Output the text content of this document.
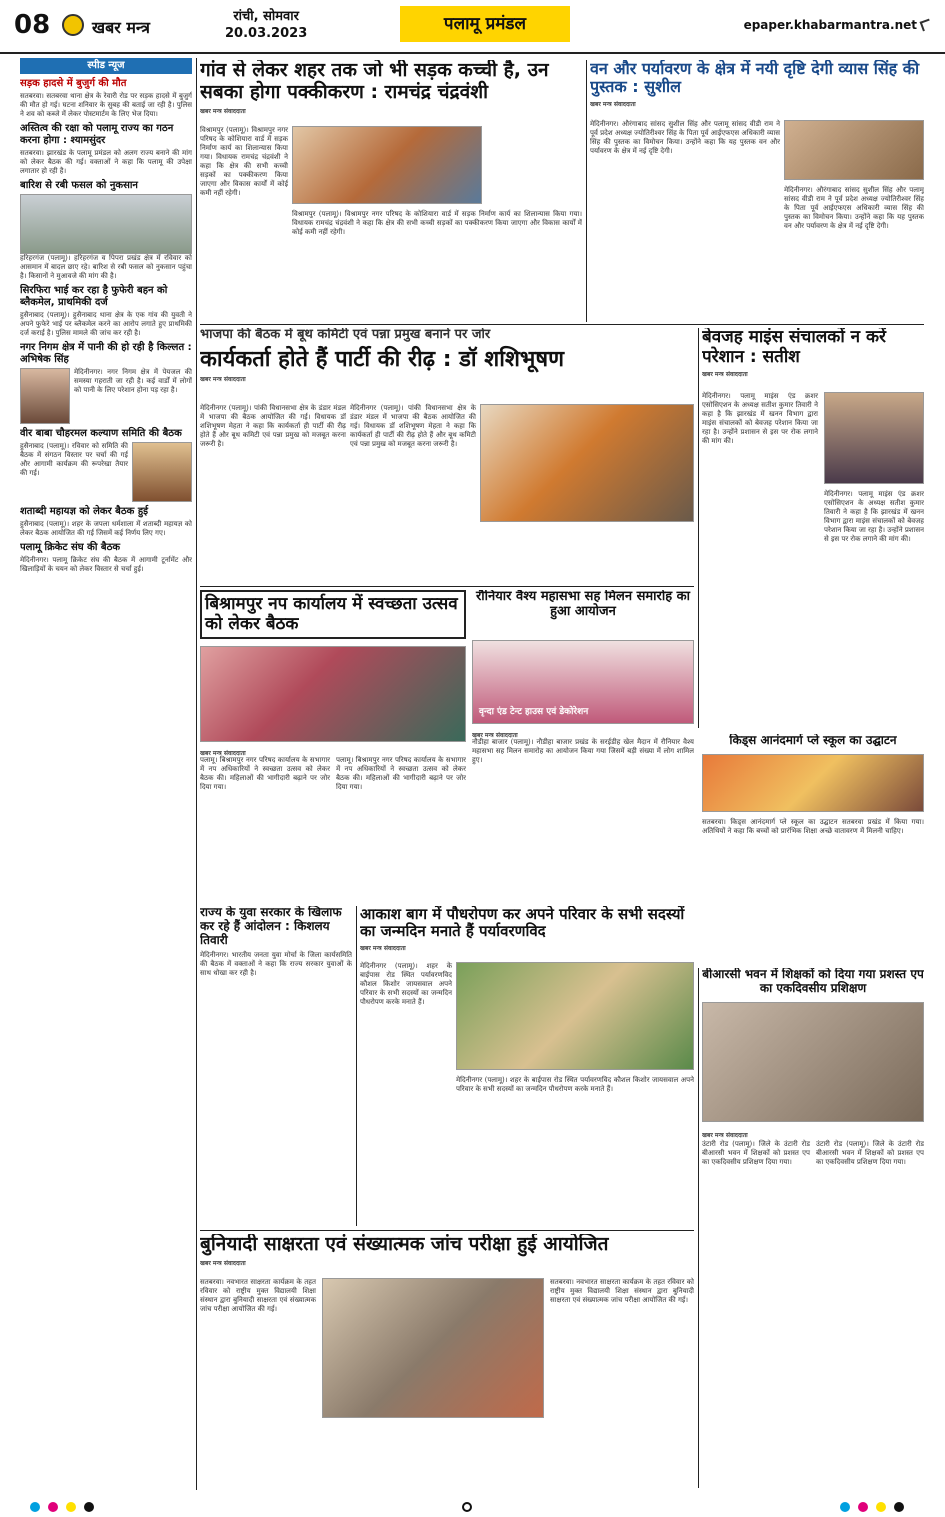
08	खबर मन्त्र
रांची, सोमवार
20.03.2023	पलामू प्रमंडल	epaper.khabarmantra.net
स्पीड न्यूज
सड़क हादसे में बुजुर्ग की मौत
सतबरवा। सतबरवा थाना क्षेत्र के रेवारी रोड पर सड़क हादसे में बुजुर्ग की मौत हो गई। घटना शनिवार के सुबह की बताई जा रही है। पुलिस ने शव को कब्जे में लेकर पोस्टमार्टम के लिए भेज दिया।
अस्तित्व की रक्षा को पलामू राज्य का गठन करना होगा : श्यामसुंदर
सतबरवा। झारखंड के पलामू प्रमंडल को अलग राज्य बनाने की मांग को लेकर बैठक की गई। वक्ताओं ने कहा कि पलामू की उपेक्षा लगातार हो रही है।
बारिश से रबी फसल को नुकसान
हरिहरगंज (पलामू)। हरिहरगंज व पिपरा प्रखंड क्षेत्र में रविवार को आसमान में बादल छाए रहे। बारिश से रबी फसल को नुकसान पहुंचा है। किसानों ने मुआवजे की मांग की है।
सिरफिरा भाई कर रहा है फुफेरी बहन को ब्लैकमेल, प्राथमिकी दर्ज
हुसैनाबाद (पलामू)। हुसैनाबाद थाना क्षेत्र के एक गांव की युवती ने अपने फुफेरे भाई पर ब्लैकमेल करने का आरोप लगाते हुए प्राथमिकी दर्ज कराई है। पुलिस मामले की जांच कर रही है।
नगर निगम क्षेत्र में पानी की हो रही है किल्लत : अभिषेक सिंह
मेदिनीनगर। नगर निगम क्षेत्र में पेयजल की समस्या गहराती जा रही है। कई वार्डों में लोगों को पानी के लिए परेशान होना पड़ रहा है।
वीर बाबा चौहरमल कल्याण समिति की बैठक
हुसैनाबाद (पलामू)। रविवार को समिति की बैठक में संगठन विस्तार पर चर्चा की गई और आगामी कार्यक्रम की रूपरेखा तैयार की गई।
शताब्दी महायज्ञ को लेकर बैठक हुई
हुसैनाबाद (पलामू)। शहर के जपला धर्मशाला में शताब्दी महायज्ञ को लेकर बैठक आयोजित की गई जिसमें कई निर्णय लिए गए।
पलामू क्रिकेट संघ की बैठक
मेदिनीनगर। पलामू क्रिकेट संघ की बैठक में आगामी टूर्नामेंट और खिलाड़ियों के चयन को लेकर विस्तार से चर्चा हुई।
गांव से लेकर शहर तक जो भी सड़क कच्ची है, उन सबका होगा पक्कीकरण : रामचंद्र चंद्रवंशी
खबर मन्त्र संवाददाता
विश्रामपुर (पलामू)। विश्रामपुर नगर परिषद के कोशियारा वार्ड में सड़क निर्माण कार्य का शिलान्यास किया गया। विधायक रामचंद्र चंद्रवंशी ने कहा कि क्षेत्र की सभी कच्ची सड़कों का पक्कीकरण किया जाएगा और विकास कार्यों में कोई कमी नहीं रहेगी।
विश्रामपुर (पलामू)। विश्रामपुर नगर परिषद के कोशियारा वार्ड में सड़क निर्माण कार्य का शिलान्यास किया गया। विधायक रामचंद्र चंद्रवंशी ने कहा कि क्षेत्र की सभी कच्ची सड़कों का पक्कीकरण किया जाएगा और विकास कार्यों में कोई कमी नहीं रहेगी।
वन और पर्यावरण के क्षेत्र में नयी दृष्टि देगी व्यास सिंह की पुस्तक : सुशील
खबर मन्त्र संवाददाता
मेदिनीनगर। औरंगाबाद सांसद सुशील सिंह और पलामू सांसद वीडी राम ने पूर्व प्रदेश अध्यक्ष ज्योतिरीश्वर सिंह के पिता पूर्व आईएफएस अधिकारी व्यास सिंह की पुस्तक का विमोचन किया। उन्होंने कहा कि यह पुस्तक वन और पर्यावरण के क्षेत्र में नई दृष्टि देगी।
मेदिनीनगर। औरंगाबाद सांसद सुशील सिंह और पलामू सांसद वीडी राम ने पूर्व प्रदेश अध्यक्ष ज्योतिरीश्वर सिंह के पिता पूर्व आईएफएस अधिकारी व्यास सिंह की पुस्तक का विमोचन किया। उन्होंने कहा कि यह पुस्तक वन और पर्यावरण के क्षेत्र में नई दृष्टि देगी।
भाजपा की बैठक में बूथ कमिटी एवं पन्ना प्रमुख बनाने पर जोर
कार्यकर्ता होते हैं पार्टी की रीढ़ : डॉ शशिभूषण
खबर मन्त्र संवाददाता
मेदिनीनगर (पलामू)। पांकी विधानसभा क्षेत्र के डंडार मंडल में भाजपा की बैठक आयोजित की गई। विधायक डॉ शशिभूषण मेहता ने कहा कि कार्यकर्ता ही पार्टी की रीढ़ होते हैं और बूथ कमिटी एवं पन्ना प्रमुख को मजबूत करना जरूरी है।
मेदिनीनगर (पलामू)। पांकी विधानसभा क्षेत्र के डंडार मंडल में भाजपा की बैठक आयोजित की गई। विधायक डॉ शशिभूषण मेहता ने कहा कि कार्यकर्ता ही पार्टी की रीढ़ होते हैं और बूथ कमिटी एवं पन्ना प्रमुख को मजबूत करना जरूरी है।
बेवजह माइंस संचालकों न करें परेशान : सतीश
खबर मन्त्र संवाददाता
मेदिनीनगर। पलामू माइंस एंड क्रशर एसोसिएशन के अध्यक्ष सतीश कुमार तिवारी ने कहा है कि झारखंड में खनन विभाग द्वारा माइंस संचालकों को बेवजह परेशान किया जा रहा है। उन्होंने प्रशासन से इस पर रोक लगाने की मांग की।
मेदिनीनगर। पलामू माइंस एंड क्रशर एसोसिएशन के अध्यक्ष सतीश कुमार तिवारी ने कहा है कि झारखंड में खनन विभाग द्वारा माइंस संचालकों को बेवजह परेशान किया जा रहा है। उन्होंने प्रशासन से इस पर रोक लगाने की मांग की।
बिश्रामपुर नप कार्यालय में स्वच्छता उत्सव को लेकर बैठक
खबर मन्त्र संवाददाता
पलामू। बिश्रामपुर नगर परिषद कार्यालय के सभागार में नप अधिकारियों ने स्वच्छता उत्सव को लेकर बैठक की। महिलाओं की भागीदारी बढ़ाने पर जोर दिया गया।
पलामू। बिश्रामपुर नगर परिषद कार्यालय के सभागार में नप अधिकारियों ने स्वच्छता उत्सव को लेकर बैठक की। महिलाओं की भागीदारी बढ़ाने पर जोर दिया गया।
रौनियार वैश्य महासभा सह मिलन समारोह का हुआ आयोजन
वृन्दा एंड टेन्ट हाउस एवं डेकोरेशन
खबर मन्त्र संवाददाता
नौडीहा बाजार (पलामू)। नौडीहा बाजार प्रखंड के सरईडीह खेल मैदान में रौनियार वैश्य महासभा सह मिलन समारोह का आयोजन किया गया जिसमें बड़ी संख्या में लोग शामिल हुए।
किड्स आनंदमार्ग प्ले स्कूल का उद्घाटन
सतबरवा। किड्स आनंदमार्ग प्ले स्कूल का उद्घाटन सतबरवा प्रखंड में किया गया। अतिथियों ने कहा कि बच्चों को प्रारंभिक शिक्षा अच्छे वातावरण में मिलनी चाहिए।
राज्य के युवा सरकार के खिलाफ कर रहे हैं आंदोलन : किशलय तिवारी
मेदिनीनगर। भारतीय जनता युवा मोर्चा के जिला कार्यसमिति की बैठक में वक्ताओं ने कहा कि राज्य सरकार युवाओं के साथ धोखा कर रही है।
आकाश बाग में पौधरोपण कर अपने परिवार के सभी सदस्यों का जन्मदिन मनाते हैं पर्यावरणविद
खबर मन्त्र संवाददाता
मेदिनीनगर (पलामू)। शहर के बाईपास रोड स्थित पर्यावरणविद कौशल किशोर जायसवाल अपने परिवार के सभी सदस्यों का जन्मदिन पौधरोपण करके मनाते हैं।
मेदिनीनगर (पलामू)। शहर के बाईपास रोड स्थित पर्यावरणविद कौशल किशोर जायसवाल अपने परिवार के सभी सदस्यों का जन्मदिन पौधरोपण करके मनाते हैं।
बीआरसी भवन में शिक्षकों को दिया गया प्रशस्त एप का एकदिवसीय प्रशिक्षण
खबर मन्त्र संवाददाता
उंटारी रोड (पलामू)। जिले के उंटारी रोड बीआरसी भवन में शिक्षकों को प्रशस्त एप का एकदिवसीय प्रशिक्षण दिया गया।
उंटारी रोड (पलामू)। जिले के उंटारी रोड बीआरसी भवन में शिक्षकों को प्रशस्त एप का एकदिवसीय प्रशिक्षण दिया गया।
बुनियादी साक्षरता एवं संख्यात्मक जांच परीक्षा हुई आयोजित
खबर मन्त्र संवाददाता
सतबरवा। नवभारत साक्षरता कार्यक्रम के तहत रविवार को राष्ट्रीय मुक्त विद्यालयी शिक्षा संस्थान द्वारा बुनियादी साक्षरता एवं संख्यात्मक जांच परीक्षा आयोजित की गई।
सतबरवा। नवभारत साक्षरता कार्यक्रम के तहत रविवार को राष्ट्रीय मुक्त विद्यालयी शिक्षा संस्थान द्वारा बुनियादी साक्षरता एवं संख्यात्मक जांच परीक्षा आयोजित की गई।
